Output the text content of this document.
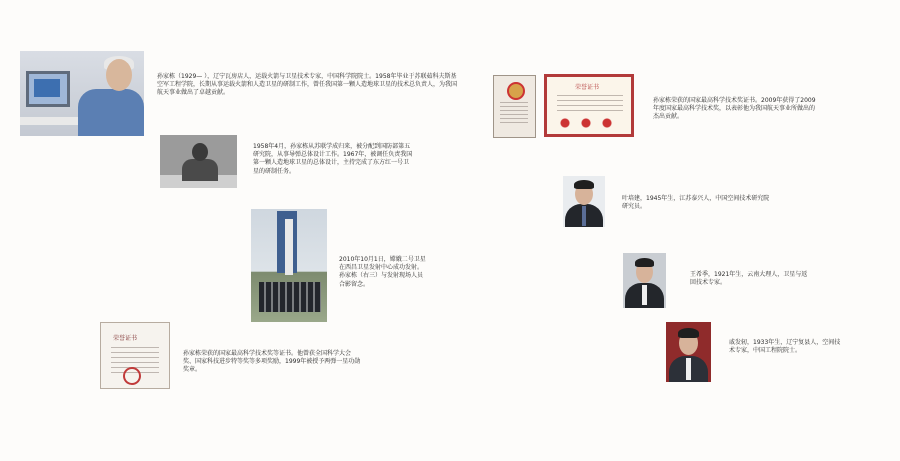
孙家栋（1929— ），辽宁瓦房店人，运载火箭与卫星技术专家，中国科学院院士。1958年毕业于苏联茹科夫斯基空军工程学院，长期从事运载火箭和人造卫星的研制工作，曾任我国第一颗人造地球卫星的技术总负责人，为我国航天事业做出了卓越贡献。
1958年4月，孙家栋从苏联学成归来，被分配到国防部第五研究院，从事导弹总体设计工作。1967年，被调任负责我国第一颗人造地球卫星的总体设计，主持完成了东方红一号卫星的研制任务。
2010年10月1日，嫦娥二号卫星在西昌卫星发射中心成功发射。孙家栋（右三）与发射现场人员合影留念。
荣誉证书
孙家栋荣获的国家最高科学技术奖等证书。他曾获全国科学大会奖、国家科技进步特等奖等多项奖励，1999年被授予两弹一星功勋奖章。
荣誉证书
孙家栋荣获的国家最高科学技术奖证书。2009年获得了2009年度国家最高科学技术奖，以表彰他为我国航天事业所做出的杰出贡献。
叶培建，1945年生，江苏泰兴人，中国空间技术研究院研究员。
王希季，1921年生，云南大理人，卫星与返回技术专家。
戚发轫，1933年生，辽宁复县人，空间技术专家，中国工程院院士。
